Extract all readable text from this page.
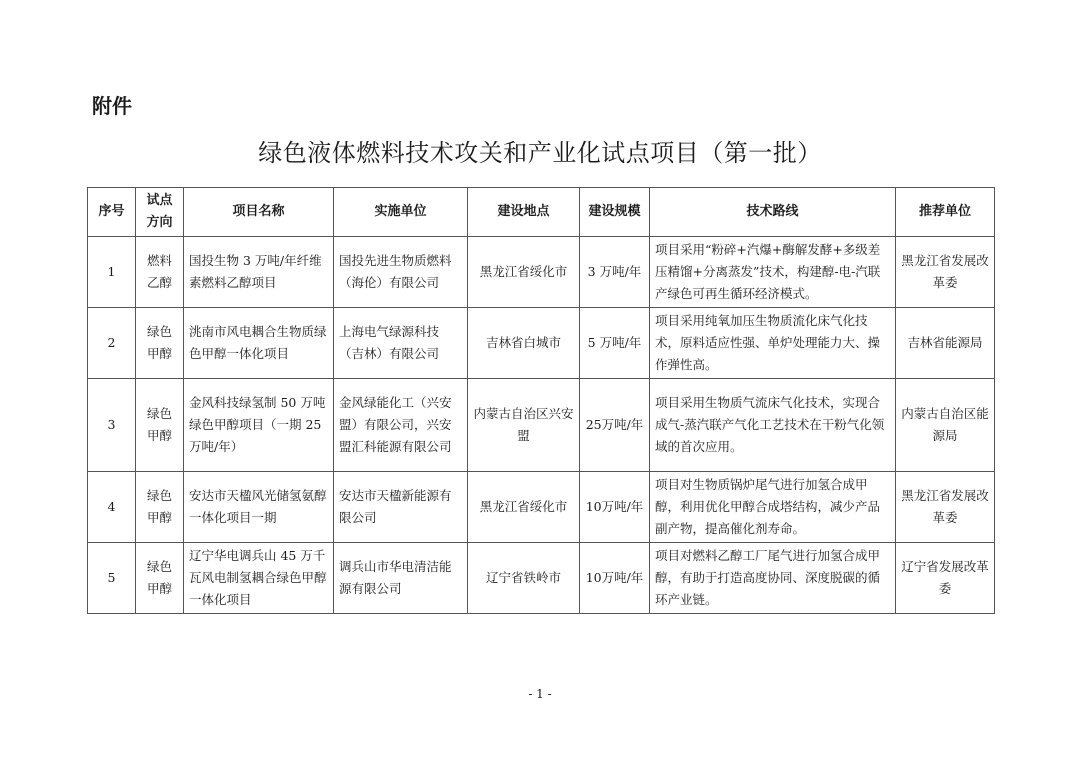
附件
绿色液体燃料技术攻关和产业化试点项目（第一批）
序号	试点方向	项目名称	实施单位	建设地点	建设规模	技术路线	推荐单位
1	燃料乙醇	国投生物 3 万吨/年纤维素燃料乙醇项目	国投先进生物质燃料（海伦）有限公司	黑龙江省绥化市	3 万吨/年	项目采用“粉碎+汽爆+酶解发酵+多级差压精馏+分离蒸发”技术，构建醇-电-汽联产绿色可再生循环经济模式。	黑龙江省发展改革委
2	绿色甲醇	洮南市风电耦合生物质绿色甲醇一体化项目	上海电气绿源科技（吉林）有限公司	吉林省白城市	5 万吨/年	项目采用纯氧加压生物质流化床气化技术，原料适应性强、单炉处理能力大、操作弹性高。	吉林省能源局
3	绿色甲醇	金风科技绿氢制 50 万吨绿色甲醇项目（一期 25 万吨/年）	金风绿能化工（兴安盟）有限公司，兴安盟汇科能源有限公司	内蒙古自治区兴安盟	25万吨/年	项目采用生物质气流床气化技术，实现合成气-蒸汽联产气化工艺技术在干粉气化领域的首次应用。	内蒙古自治区能源局
4	绿色甲醇	安达市天楹风光储氢氨醇一体化项目一期	安达市天楹新能源有限公司	黑龙江省绥化市	10万吨/年	项目对生物质锅炉尾气进行加氢合成甲醇，利用优化甲醇合成塔结构，减少产品副产物，提高催化剂寿命。	黑龙江省发展改革委
5	绿色甲醇	辽宁华电调兵山 45 万千瓦风电制氢耦合绿色甲醇一体化项目	调兵山市华电清洁能源有限公司	辽宁省铁岭市	10万吨/年	项目对燃料乙醇工厂尾气进行加氢合成甲醇，有助于打造高度协同、深度脱碳的循环产业链。	辽宁省发展改革委
- 1 -
